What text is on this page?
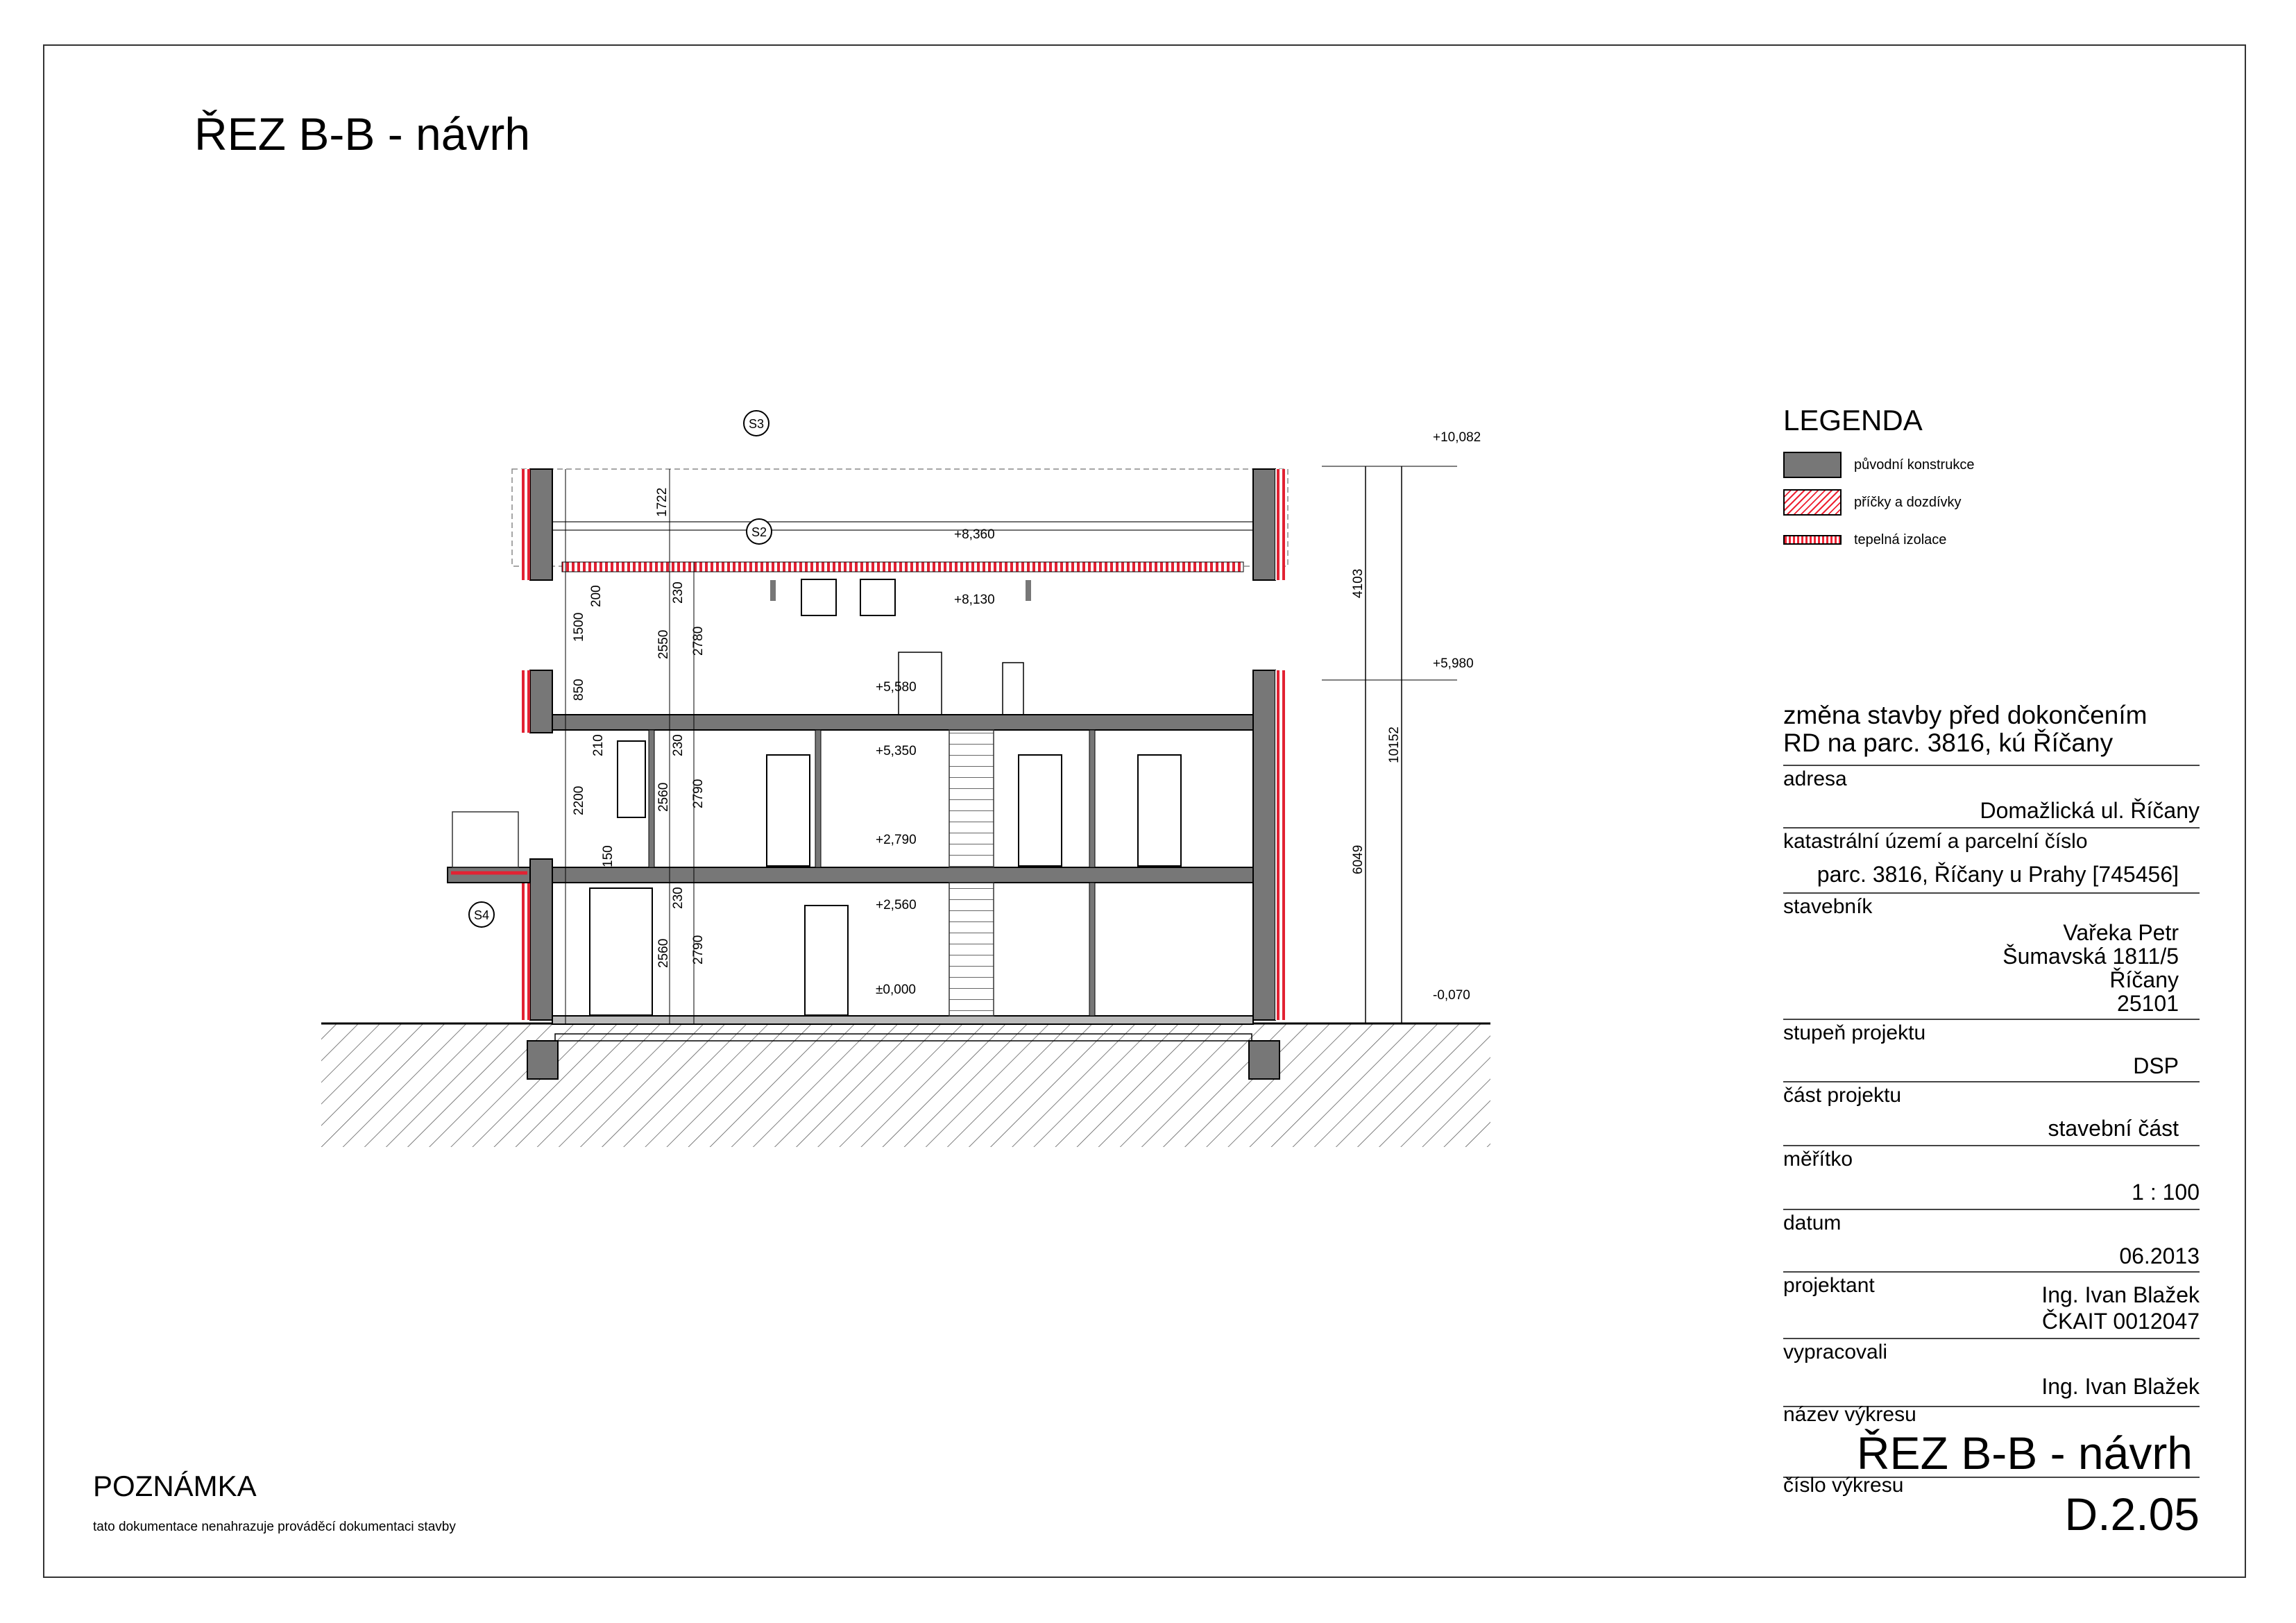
ŘEZ B-B - návrh
S3
S2
S4
+8,360
+8,130
+5,580
+5,350
+2,790
+2,560
±0,000
+10,082
+5,980
-0,070
1722
200	230
1500
2550 2780
850
210	230
2200	2560 2790
150
230
2560 2790
4103
10152
6049
LEGENDA
původní konstrukce
příčky a dozdívky
tepelná izolace
změna stavby před dokončením
RD na parc. 3816, kú Říčany
adresa
Domažlická ul. Říčany
katastrální území a parcelní číslo
parc. 3816, Říčany u Prahy [745456]
stavebník
Vařeka Petr
Šumavská 1811/5
Říčany
25101
stupeň projektu
DSP
část projektu
stavební část
měřítko
1 : 100
datum
06.2013
projektant	Ing. Ivan Blažek
ČKAIT 0012047
vypracovali
Ing. Ivan Blažek
název výkresu
ŘEZ B-B - návrh
číslo výkresu
D.2.05
POZNÁMKA
tato dokumentace nenahrazuje prováděcí dokumentaci stavby
